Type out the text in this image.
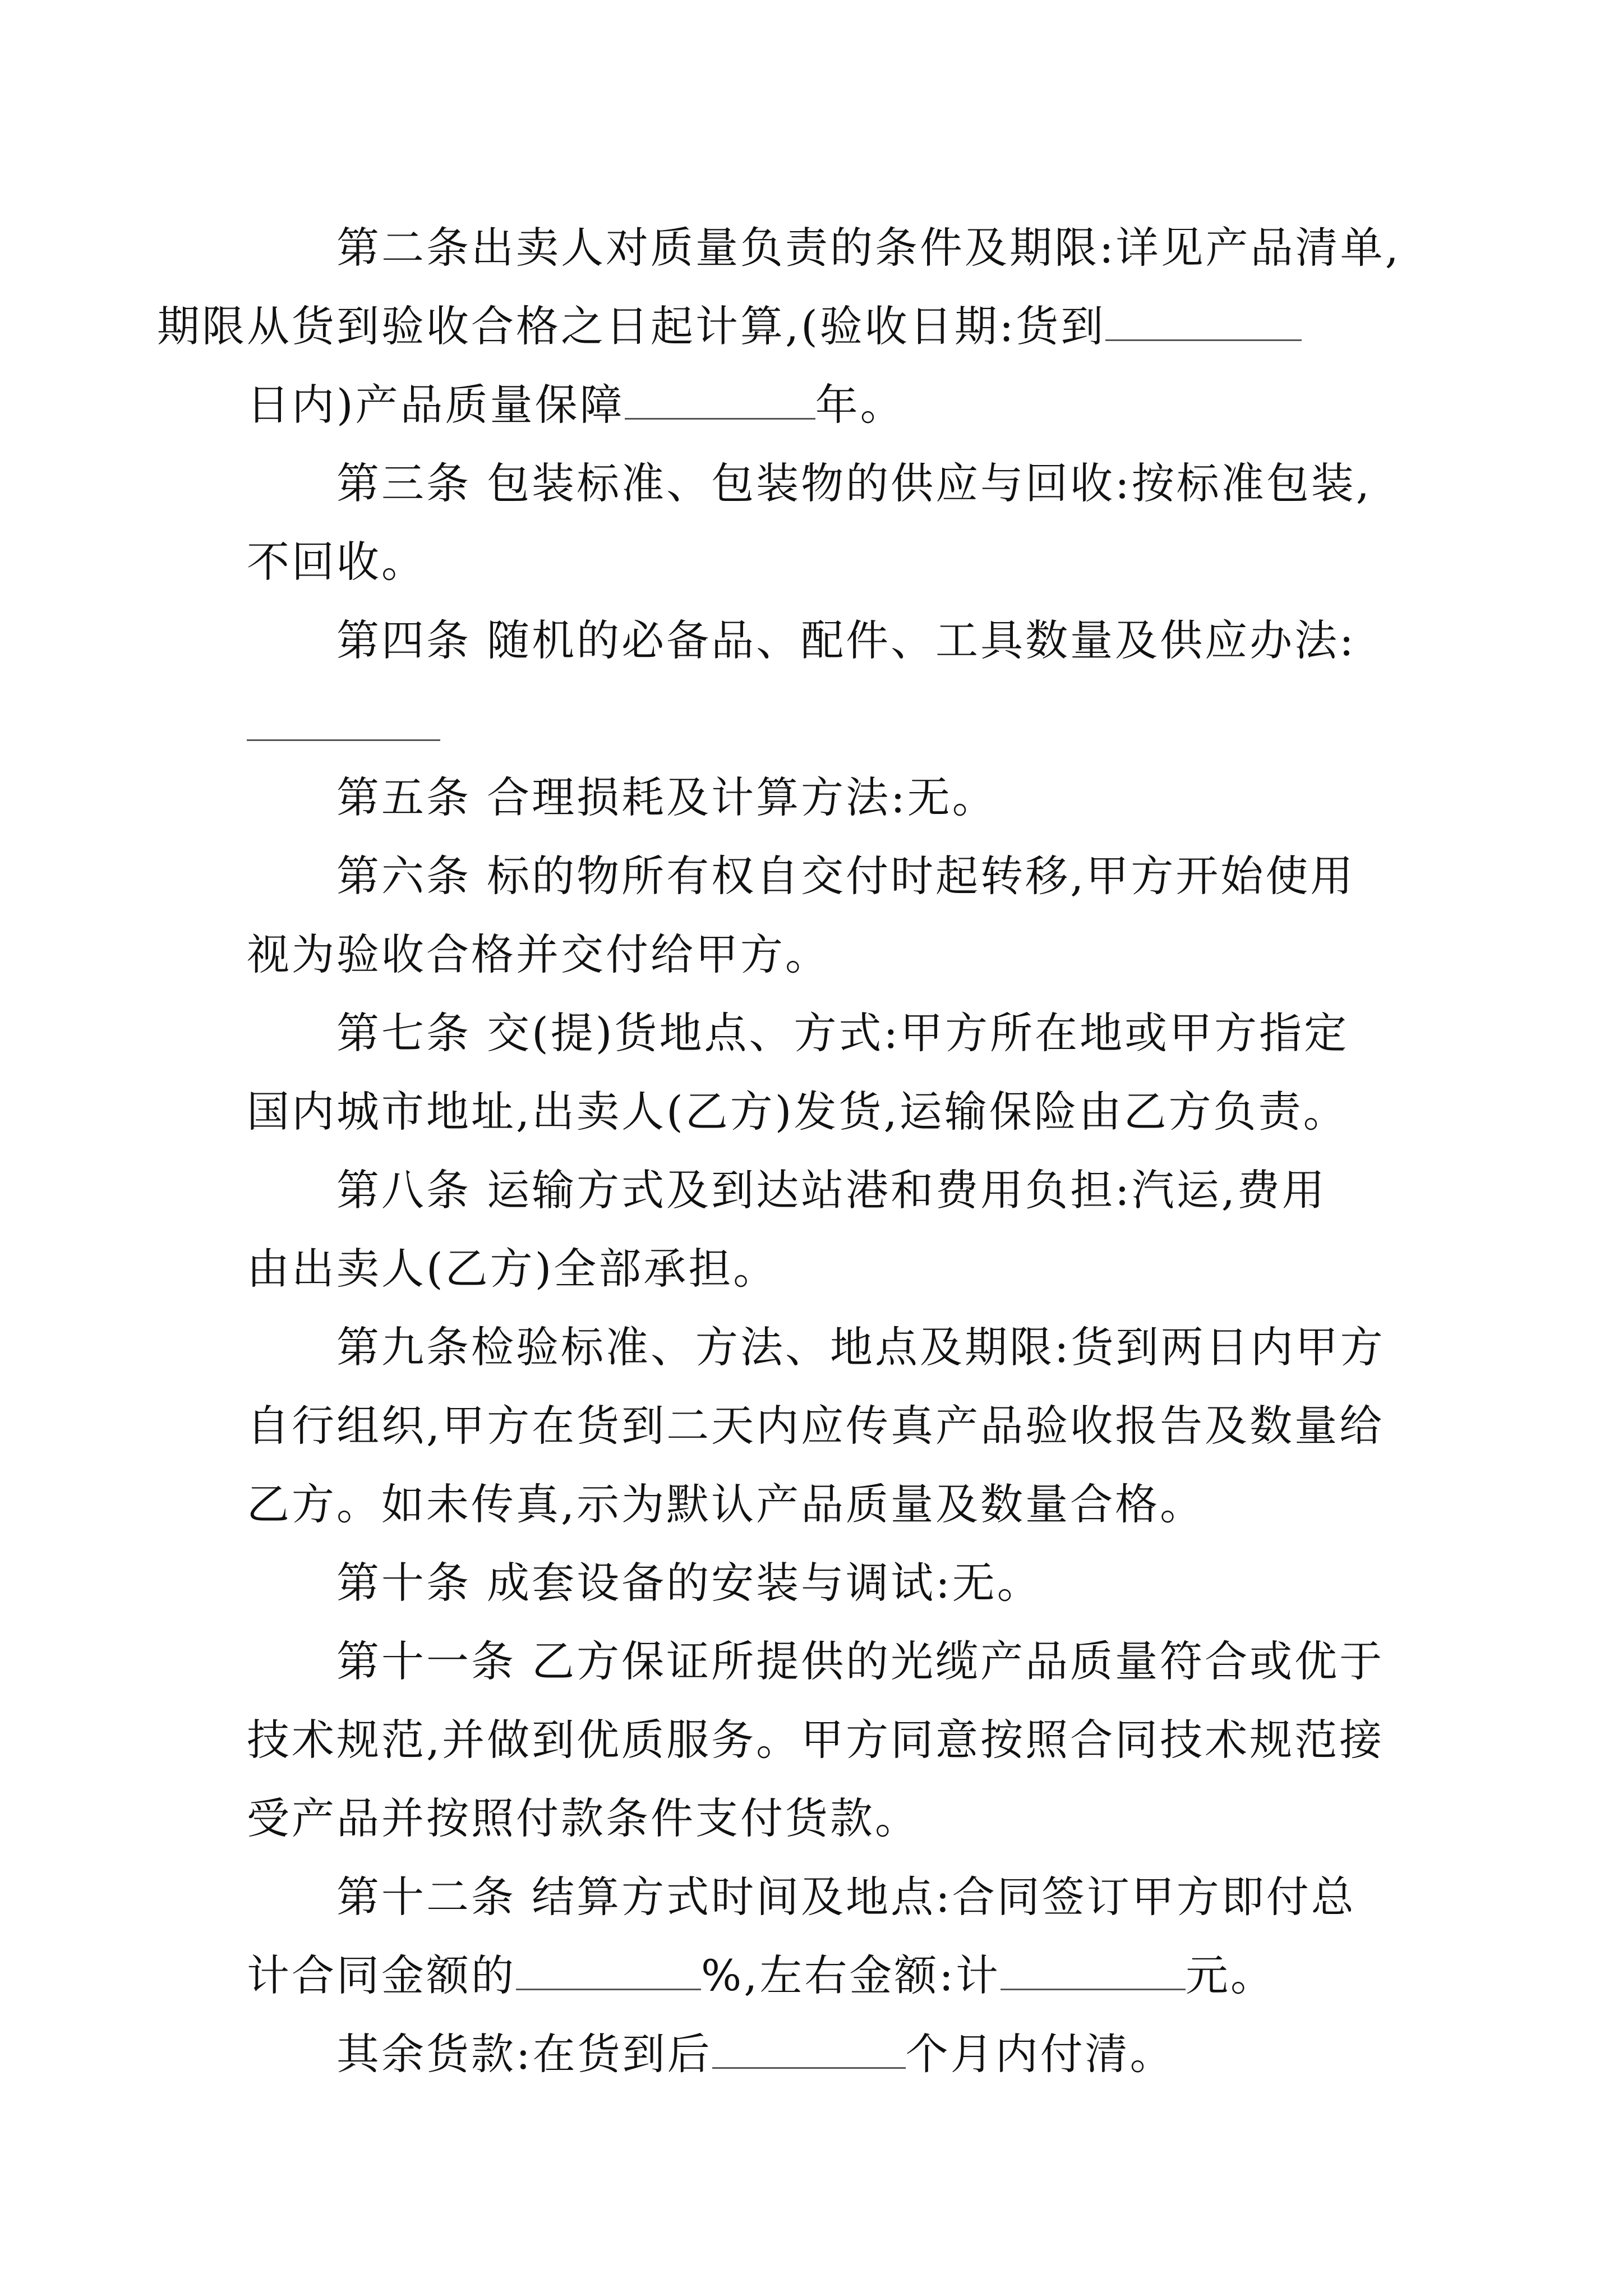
第二条出卖人对质量负责的条件及期限:详见产品清单,
期限从货到验收合格之日起计算,(验收日期:货到
日内)产品质量保障	年。

第三条 包装标准、包装物的供应与回收:按标准包装,
不回收。

第四条 随机的必备品、配件、工具数量及供应办法:

第五条 合理损耗及计算方法:无。

第六条 标的物所有权自交付时起转移,甲方开始使用
视为验收合格并交付给甲方。

第七条 交(提)货地点、方式:甲方所在地或甲方指定
国内城市地址,出卖人(乙方)发货,运输保险由乙方负责。

第八条 运输方式及到达站港和费用负担:汽运,费用
由出卖人(乙方)全部承担。

第九条检验标准、方法、地点及期限:货到两日内甲方
自行组织,甲方在货到二天内应传真产品验收报告及数量给
乙方。如未传真,示为默认产品质量及数量合格。

第十条 成套设备的安装与调试:无。

第十一条 乙方保证所提供的光缆产品质量符合或优于
技术规范,并做到优质服务。甲方同意按照合同技术规范接
受产品并按照付款条件支付货款。

第十二条 结算方式时间及地点:合同签订甲方即付总
计合同金额的	%,左右金额:计	元。

其余货款:在货到后	个月内付清。
